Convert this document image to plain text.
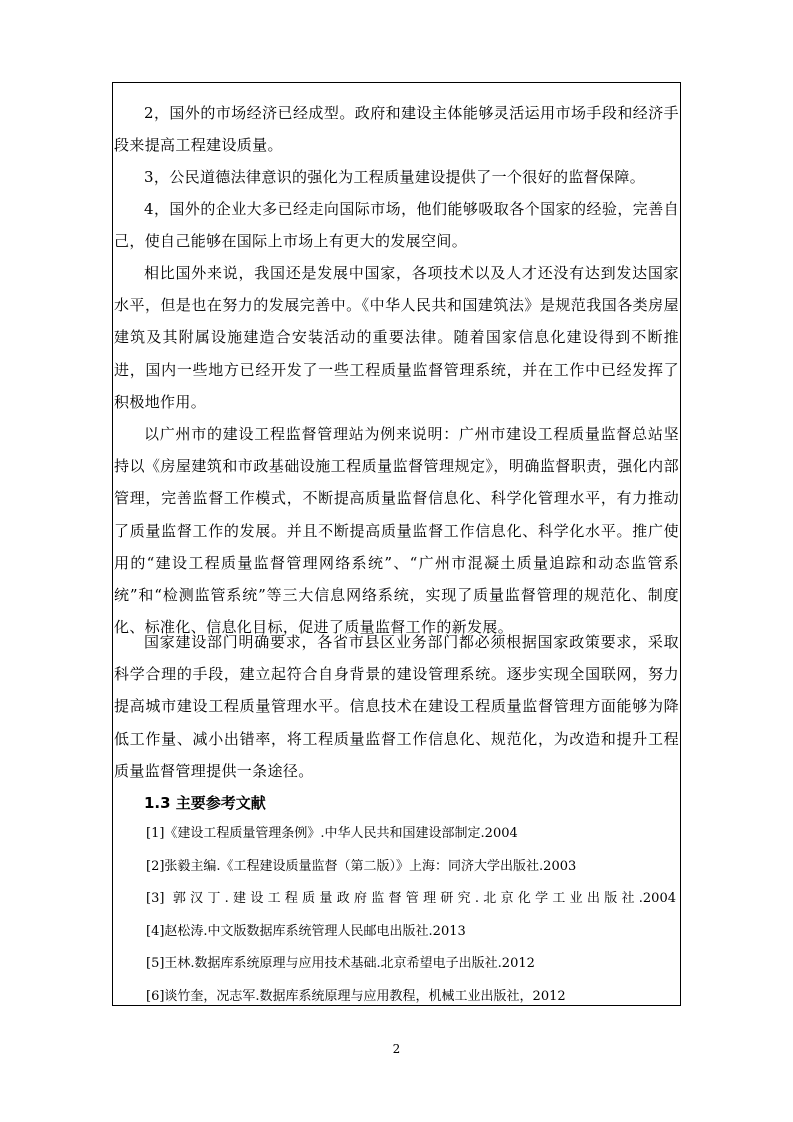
2，国外的市场经济已经成型。政府和建设主体能够灵活运用市场手段和经济手段来提高工程建设质量。

3，公民道德法律意识的强化为工程质量建设提供了一个很好的监督保障。

4，国外的企业大多已经走向国际市场，他们能够吸取各个国家的经验，完善自己，使自己能够在国际上市场上有更大的发展空间。

相比国外来说，我国还是发展中国家，各项技术以及人才还没有达到发达国家水平，但是也在努力的发展完善中。《中华人民共和国建筑法》是规范我国各类房屋建筑及其附属设施建造合安装活动的重要法律。随着国家信息化建设得到不断推进，国内一些地方已经开发了一些工程质量监督管理系统，并在工作中已经发挥了积极地作用。

以广州市的建设工程监督管理站为例来说明：广州市建设工程质量监督总站坚持以《房屋建筑和市政基础设施工程质量监督管理规定》，明确监督职责，强化内部管理，完善监督工作模式，不断提高质量监督信息化、科学化管理水平，有力推动了质量监督工作的发展。并且不断提高质量监督工作信息化、科学化水平。推广使用的“建设工程质量监督管理网络系统”、“广州市混凝土质量追踪和动态监管系统”和“检测监管系统”等三大信息网络系统，实现了质量监督管理的规范化、制度化、标准化、信息化目标，促进了质量监督工作的新发展。

国家建设部门明确要求，各省市县区业务部门都必须根据国家政策要求，采取科学合理的手段，建立起符合自身背景的建设管理系统。逐步实现全国联网，努力提高城市建设工程质量管理水平。信息技术在建设工程质量监督管理方面能够为降低工作量、减小出错率，将工程质量监督工作信息化、规范化，为改造和提升工程质量监督管理提供一条途径。

1.3 主要参考文献
[1]《建设工程质量管理条例》.中华人民共和国建设部制定.2004
[2]张毅主编.《工程建设质量监督（第二版）》上海：同济大学出版社.2003
[3] 郭汉丁.建设工程质量政府监督管理研究.北京化学工业出版社.2004
[4]赵松涛.中文版数据库系统管理人民邮电出版社.2013
[5]王林.数据库系统原理与应用技术基础.北京希望电子出版社.2012
[6]谈竹奎，况志军.数据库系统原理与应用教程，机械工业出版社，2012
2
